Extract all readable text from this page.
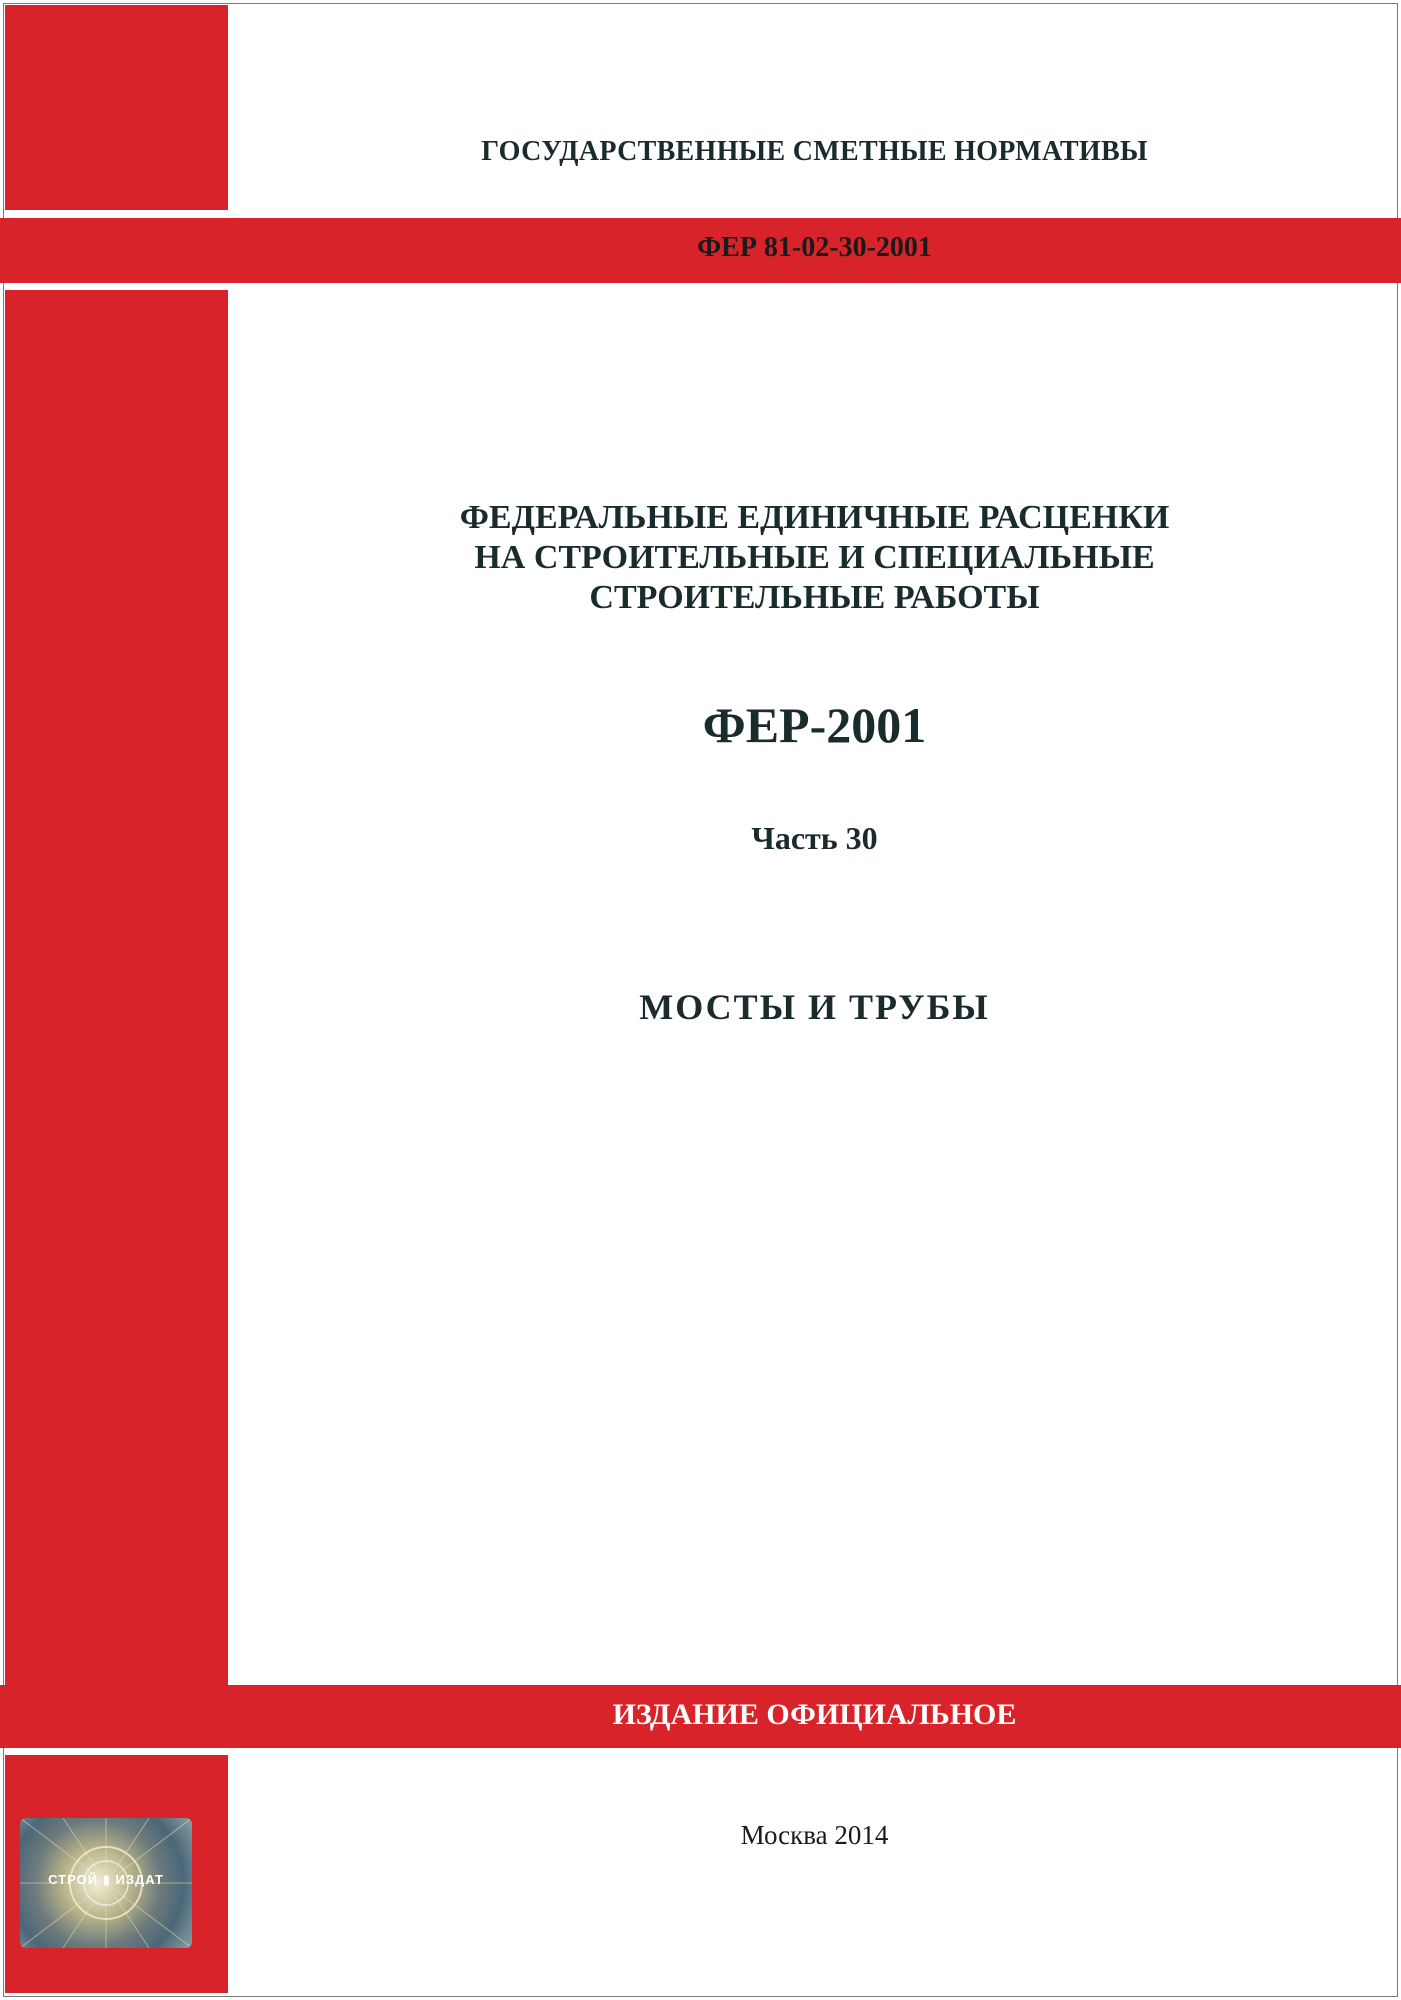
ГОСУДАРСТВЕННЫЕ СМЕТНЫЕ НОРМАТИВЫ
ФЕР 81-02-30-2001
ФЕДЕРАЛЬНЫЕ ЕДИНИЧНЫЕ РАСЦЕНКИ
НА СТРОИТЕЛЬНЫЕ И СПЕЦИАЛЬНЫЕ
СТРОИТЕЛЬНЫЕ РАБОТЫ
ФЕР-2001
Часть 30
МОСТЫ И ТРУБЫ
ИЗДАНИЕ ОФИЦИАЛЬНОЕ
Москва 2014
СТРОЙ ▮ ИЗДАТ
